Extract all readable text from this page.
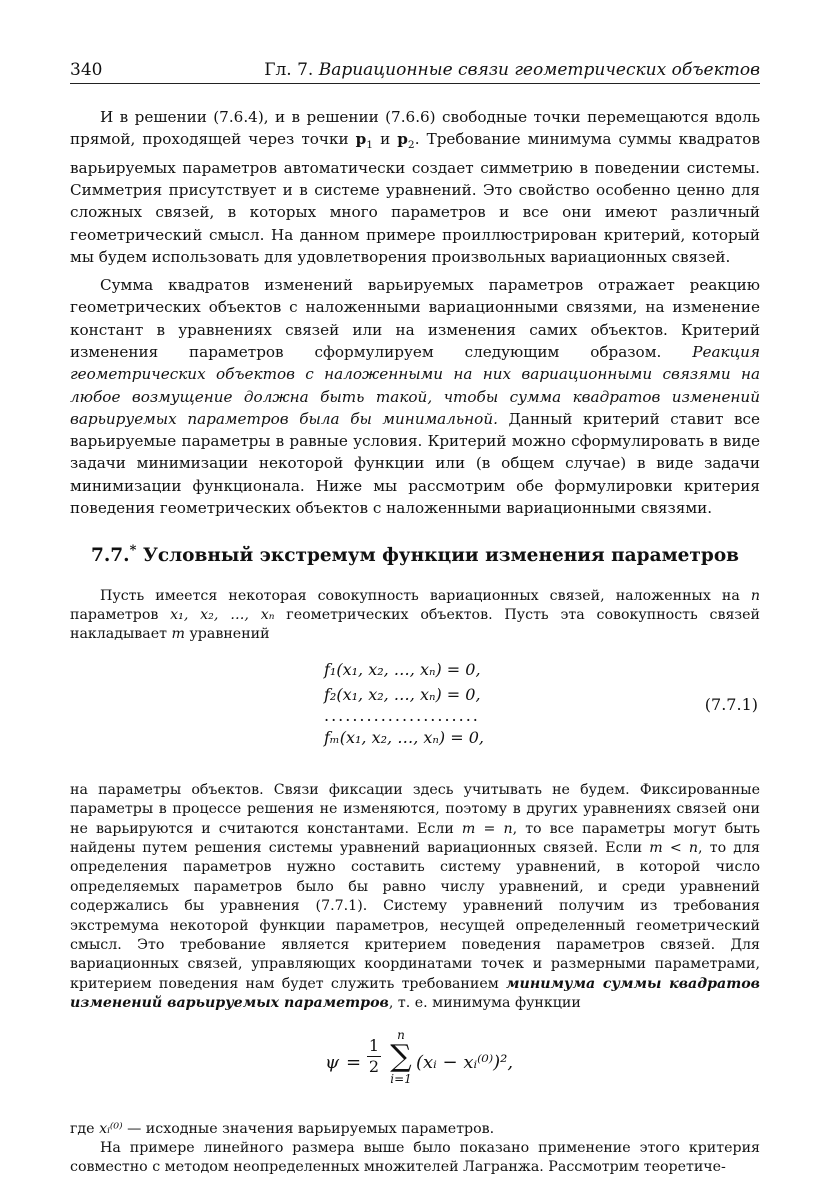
340	Гл. 7. Вариационные связи геометрических объектов

И в решении (7.6.4), и в решении (7.6.6) свободные точки перемещаются вдоль прямой, проходящей через точки $p_1$ и $p_2$. Требование минимума суммы квадратов варьируемых параметров автоматически создает симметрию в поведении системы. Симметрия присутствует и в системе уравнений. Это свойство особенно ценно для сложных связей, в которых много параметров и все они имеют различный геометрический смысл. На данном примере проиллюстрирован критерий, который мы будем использовать для удовлетворения произвольных вариационных связей.

Сумма квадратов изменений варьируемых параметров отражает реакцию геометрических объектов с наложенными вариационными связями, на изменение констант в уравнениях связей или на изменения самих объектов. Критерий изменения параметров сформулируем следующим образом. Реакция геометрических объектов с наложенными на них вариационными связями на любое возмущение должна быть такой, чтобы сумма квадратов изменений варьируемых параметров была бы минимальной. Данный критерий ставит все варьируемые параметры в равные условия. Критерий можно сформулировать в виде задачи минимизации некоторой функции или (в общем случае) в виде задачи минимизации функционала. Ниже мы рассмотрим обе формулировки критерия поведения геометрических объектов с наложенными вариационными связями.

7.7.* Условный экстремум функции изменения параметров

Пусть имеется некоторая совокупность вариационных связей, наложенных на n параметров x₁, x₂, …, xₙ геометрических объектов. Пусть эта совокупность связей накладывает m уравнений

f₁(x₁, x₂, …, xₙ) = 0,
f₂(x₁, x₂, …, xₙ) = 0,
......................
fₘ(x₁, x₂, …, xₙ) = 0,
(7.7.1)

на параметры объектов. Связи фиксации здесь учитывать не будем. Фиксированные параметры в процессе решения не изменяются, поэтому в других уравнениях связей они не варьируются и считаются константами. Если m = n, то все параметры могут быть найдены путем решения системы уравнений вариационных связей. Если m < n, то для определения параметров нужно составить систему уравнений, в которой число определяемых параметров было бы равно числу уравнений, и среди уравнений содержались бы уравнения (7.7.1). Систему уравнений получим из требования экстремума некоторой функции параметров, несущей определенный геометрический смысл. Это требование является критерием поведения параметров связей. Для вариационных связей, управляющих координатами точек и размерными параметрами, критерием поведения нам будет служить требованием минимума суммы квадратов изменений варьируемых параметров, т. е. минимума функции

$\psi = \frac{1}{2}$
n
∑
i=1
(xᵢ − xᵢ⁽⁰⁾)²,

где xᵢ⁽⁰⁾ — исходные значения варьируемых параметров.

На примере линейного размера выше было показано применение этого критерия совместно с методом неопределенных множителей Лагранжа. Рассмотрим теоретиче-
